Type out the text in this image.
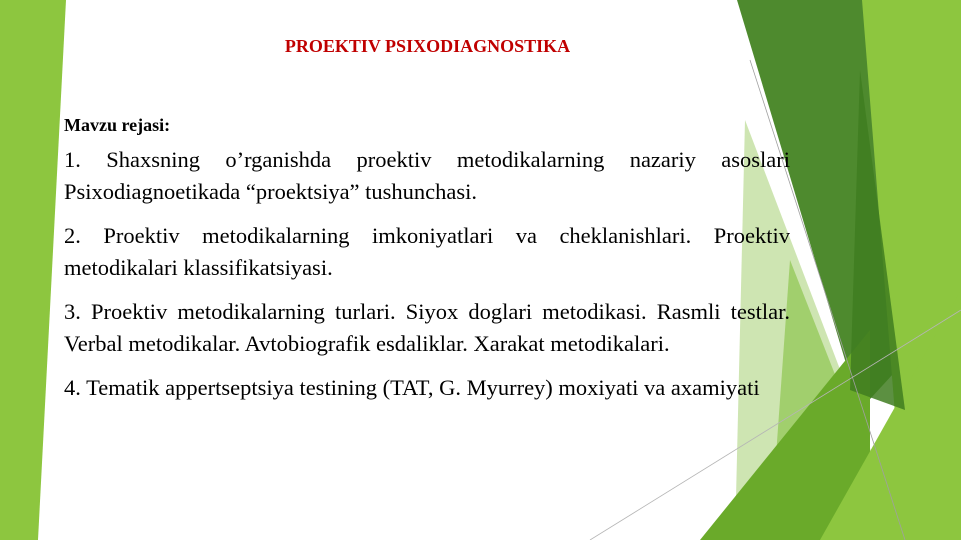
PROEKTIV PSIXODIAGNOSTIKA

Mavzu rejasi:

1. Shaxsning o’rganishda proektiv metodikalarning nazariy asoslari Psixodiagnoetikada “proektsiya” tushunchasi.

2. Proektiv metodikalarning imkoniyatlari va cheklanishlari. Proektiv metodikalari klassifikatsiyasi.

3. Proektiv metodikalarning turlari. Siyox doglari metodikasi. Rasmli testlar. Verbal metodikalar. Avtobiografik esdaliklar. Xarakat metodikalari.

4. Tematik appertseptsiya testining (TAT, G. Myurrey) moxiyati va axamiyati
